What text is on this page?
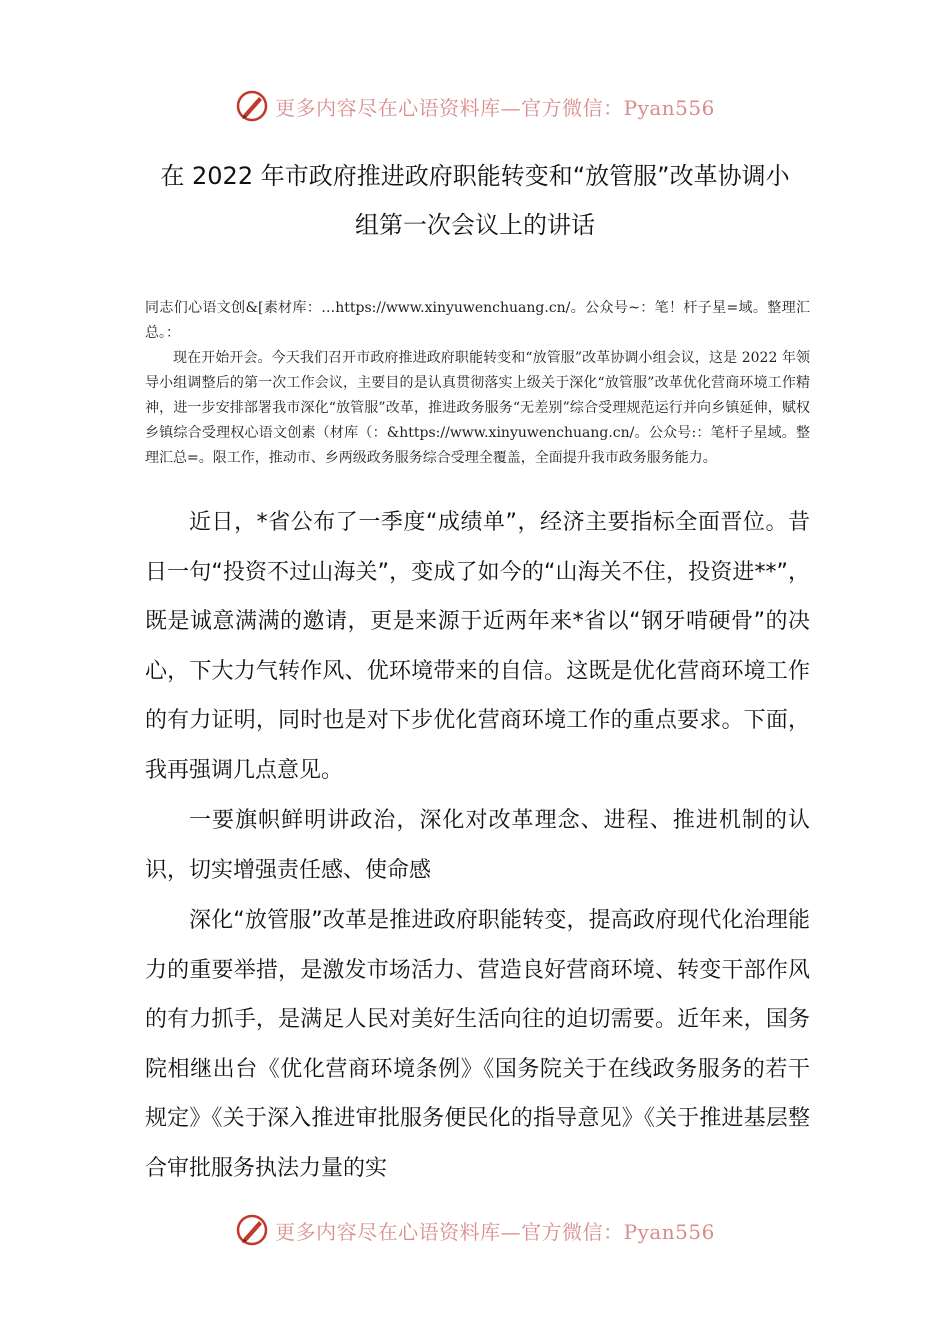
更多内容尽在心语资料库—官方微信：Pyan556
在 2022 年市政府推进政府职能转变和“放管服”改革协调小
组第一次会议上的讲话
同志们心语文创&[素材库：…https://www.xinyuwenchuang.cn/。公众号~：笔！杆子星=域。整理汇总。：
现在开始开会。今天我们召开市政府推进政府职能转变和“放管服”改革协调小组会议，这是 2022 年领导小组调整后的第一次工作会议，主要目的是认真贯彻落实上级关于深化“放管服”改革优化营商环境工作精神，进一步安排部署我市深化“放管服”改革，推进政务服务“无差别”综合受理规范运行并向乡镇延伸，赋权乡镇综合受理权心语文创素（材库（：&https://www.xinyuwenchuang.cn/。公众号:：笔杆子星域。整理汇总=。限工作，推动市、乡两级政务服务综合受理全覆盖，全面提升我市政务服务能力。
近日，*省公布了一季度“成绩单”，经济主要指标全面晋位。昔日一句“投资不过山海关”，变成了如今的“山海关不住，投资进**”，既是诚意满满的邀请，更是来源于近两年来*省以“钢牙啃硬骨”的决心，下大力气转作风、优环境带来的自信。这既是优化营商环境工作的有力证明，同时也是对下步优化营商环境工作的重点要求。下面，我再强调几点意见。
一要旗帜鲜明讲政治，深化对改革理念、进程、推进机制的认识，切实增强责任感、使命感
深化“放管服”改革是推进政府职能转变，提高政府现代化治理能力的重要举措，是激发市场活力、营造良好营商环境、转变干部作风的有力抓手，是满足人民对美好生活向往的迫切需要。近年来，国务院相继出台《优化营商环境条例》《国务院关于在线政务服务的若干规定》《关于深入推进审批服务便民化的指导意见》《关于推进基层整合审批服务执法力量的实
更多内容尽在心语资料库—官方微信：Pyan556
